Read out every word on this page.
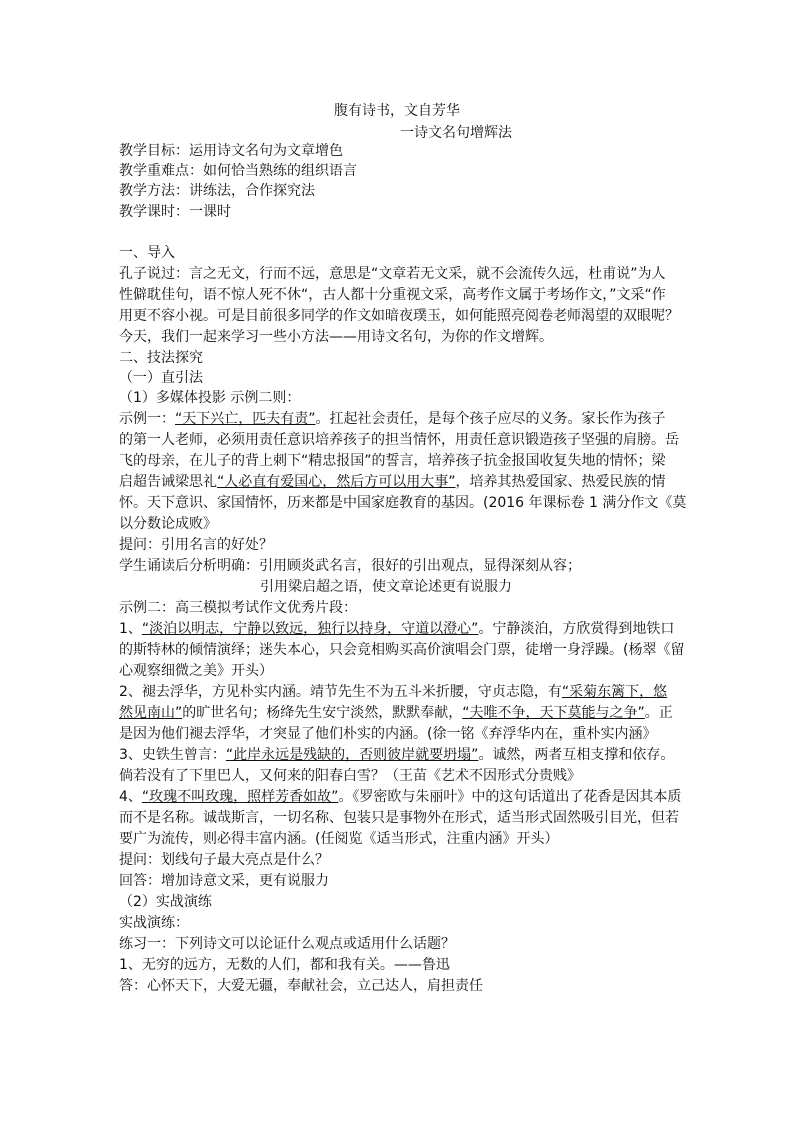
腹有诗书，文自芳华
一诗文名句增辉法
教学目标：运用诗文名句为文章增色
教学重难点：如何恰当熟练的组织语言
教学方法：讲练法，合作探究法
教学课时：一课时
一、导入
孔子说过：言之无文，行而不远，意思是“文章若无文采，就不会流传久远，杜甫说”为人
性僻耽佳句，语不惊人死不休“，古人都十分重视文采，高考作文属于考场作文，”文采“作
用更不容小视。可是目前很多同学的作文如暗夜璞玉，如何能照亮阅卷老师渴望的双眼呢？
今天，我们一起来学习一些小方法——用诗文名句，为你的作文增辉。
二、技法探究
（一）直引法
（1）多媒体投影 示例二则：
示例一：“天下兴亡，匹夫有责”。扛起社会责任，是每个孩子应尽的义务。家长作为孩子
的第一人老师，必须用责任意识培养孩子的担当情怀，用责任意识锻造孩子坚强的肩膀。岳
飞的母亲，在儿子的背上刺下“精忠报国”的誓言，培养孩子抗金报国收复失地的情怀；梁
启超告诫梁思礼“人必直有爱国心，然后方可以用大事”，培养其热爱国家、热爱民族的情
怀。天下意识、家国情怀，历来都是中国家庭教育的基因。(2016 年课标卷 1 满分作文《莫
以分数论成败》
提问：引用名言的好处？
学生诵读后分析明确：引用顾炎武名言，很好的引出观点，显得深刻从容；
引用梁启超之语，使文章论述更有说服力
示例二：高三模拟考试作文优秀片段：
1、“淡泊以明志，宁静以致远，独行以持身，守道以澄心”。宁静淡泊，方欣赏得到地铁口
的斯特林的倾情演绎；迷失本心，只会竞相购买高价演唱会门票，徒增一身浮躁。(杨翠《留
心观察细微之美》开头）
2、褪去浮华，方见朴实内涵。靖节先生不为五斗米折腰，守贞志隐，有“采菊东篱下，悠
然见南山”的旷世名句；杨绛先生安宁淡然，默默奉献，“夫唯不争，天下莫能与之争”。正
是因为他们褪去浮华，才突显了他们朴实的内涵。(徐一铭《弃浮华内在，重朴实内涵》
3、史铁生曾言：“此岸永远是残缺的，否则彼岸就要坍塌”。诚然，两者互相支撑和依存。
倘若没有了下里巴人，又何来的阳春白雪？（王苗《艺术不因形式分贵贱》
4、“玫瑰不叫玫瑰，照样芳香如故”。《罗密欧与朱丽叶》中的这句话道出了花香是因其本质
而不是名称。诚哉斯言，一切名称、包装只是事物外在形式，适当形式固然吸引目光，但若
要广为流传，则必得丰富内涵。(任阅览《适当形式，注重内涵》开头）
提问：划线句子最大亮点是什么？
回答：增加诗意文采，更有说服力
（2）实战演练
实战演练：
练习一：下列诗文可以论证什么观点或适用什么话题？
1、无穷的远方，无数的人们，都和我有关。——鲁迅
答：心怀天下，大爱无疆，奉献社会，立己达人，肩担责任
